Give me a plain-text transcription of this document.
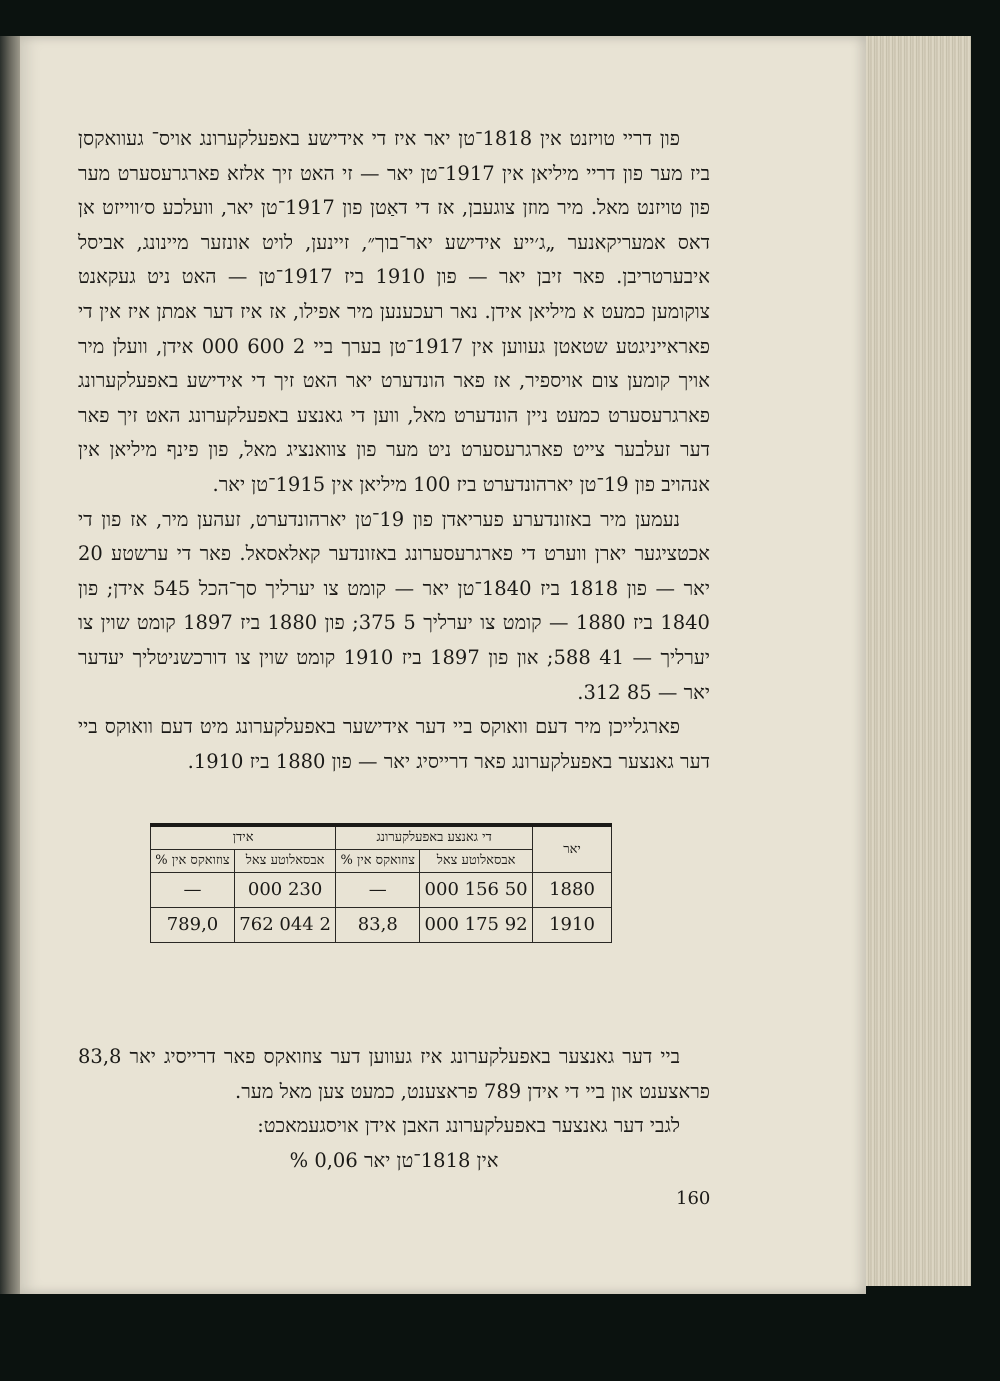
פון דריי טויזנט אין 1818־טן יאר איז די אידישע באפעלקערונג אויס־ געוואקסן ביז מער פון דריי מיליאן אין 1917־טן יאר — זי האט זיך אלזא פארגרעסערט מער פון טויזנט מאל. מיר מוזן צוגעבן, אז די דאַטן פון 1917־טן יאר, וועלכע ס׳ווייזט אן דאס אמעריקאנער „ג׳ייע אידישע יאר־בוך״, זיינען, לויט אונזער מיינונג, אביסל איבערטריבן. פאר זיבן יאר — פון 1910 ביז 1917־טן — האט ניט געקאנט צוקומען כמעט א מיליאן אידן. נאר רעכענען מיר אפילו, אז איז דער אמתן איז אין די פאראייניגטע שטאטן געווען אין 1917־טן בערך ביי 2 600 000 אידן, וועלן מיר אויך קומען צום אויספיר, אז פאר הונדערט יאר האט זיך די אידישע באפעלקערונג פארגרעסערט כמעט ניין הונדערט מאל, ווען די גאנצע באפעלקערונג האט זיך פאר דער זעלבער צייט פארגרעסערט ניט מער פון צוואנציג מאל, פון פינף מיליאן אין אנהויב פון 19־טן יארהונדערט ביז 100 מיליאן אין 1915־טן יאר.

נעמען מיר באזונדערע פעריאדן פון 19־טן יארהונדערט, זעהען מיר, אז פון די אכטציגער יארן ווערט די פארגרעסערונג באזונדער קאלאסאל. פאר די ערשטע 20 יאר — פון 1818 ביז 1840־טן יאר — קומט צו יערליך סך־הכל 545 אידן; פון 1840 ביז 1880 — קומט צו יערליך 5 375; פון 1880 ביז 1897 קומט שוין צו יערליך — 41 588; און פון 1897 ביז 1910 קומט שוין צו דורכשניטליך יעדער יאר — 85 312.

פארגלייכן מיר דעם וואוקס ביי דער אידישער באפעלקערונג מיט דעם וואוקס ביי דער גאנצער באפעלקערונג פאר דרייסיג יאר — פון 1880 ביז 1910.

יאר	די גאנצע באפעלקערונג		אידן	
	אבסאלוטע צאל	צוזואקס אין %	אבסאלוטע צאל	צוזואקס אין %
1880	50 156 000	—	230 000	—
1910	92 175 000	83,8	2 044 762	789,0

ביי דער גאנצער באפעלקערונג איז געווען דער צוזואקס פאר דרייסיג יאר 83,8 פראצענט און ביי די אידן 789 פראצענט, כמעט צען מאל מער.

לגבי דער גאנצער באפעלקערונג האבן אידן אויסגעמאכט:

אין 1818־טן יאר 0,06 %

160
